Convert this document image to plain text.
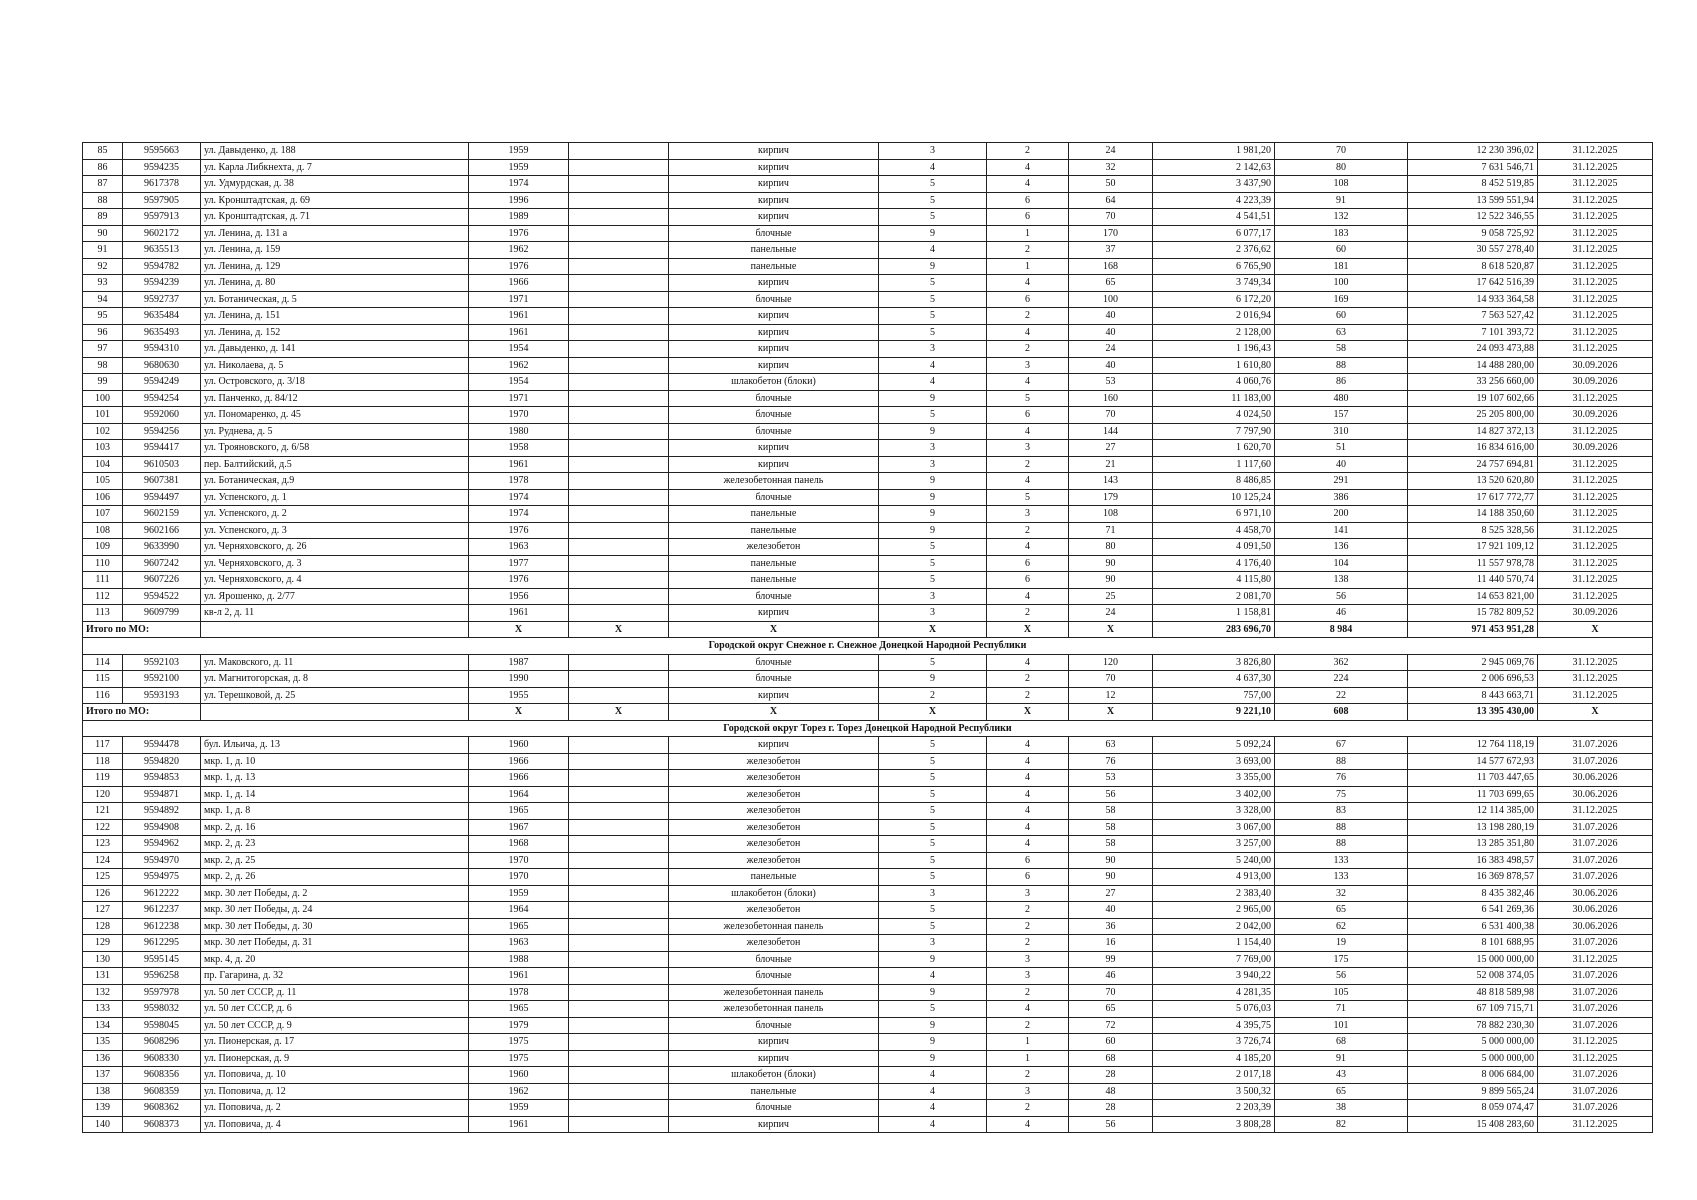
85	9595663	ул. Давыденко, д. 188	1959		кирпич	3	2	24	1 981,20	70	12 230 396,02	31.12.2025
86	9594235	ул. Карла Либкнехта, д. 7	1959		кирпич	4	4	32	2 142,63	80	7 631 546,71	31.12.2025
87	9617378	ул. Удмурдская, д. 38	1974		кирпич	5	4	50	3 437,90	108	8 452 519,85	31.12.2025
88	9597905	ул. Кронштадтская, д. 69	1996		кирпич	5	6	64	4 223,39	91	13 599 551,94	31.12.2025
89	9597913	ул. Кронштадтская, д. 71	1989		кирпич	5	6	70	4 541,51	132	12 522 346,55	31.12.2025
90	9602172	ул. Ленина, д. 131 а	1976		блочные	9	1	170	6 077,17	183	9 058 725,92	31.12.2025
91	9635513	ул. Ленина, д. 159	1962		панельные	4	2	37	2 376,62	60	30 557 278,40	31.12.2025
92	9594782	ул. Ленина, д. 129	1976		панельные	9	1	168	6 765,90	181	8 618 520,87	31.12.2025
93	9594239	ул. Ленина, д. 80	1966		кирпич	5	4	65	3 749,34	100	17 642 516,39	31.12.2025
94	9592737	ул. Ботаническая, д. 5	1971		блочные	5	6	100	6 172,20	169	14 933 364,58	31.12.2025
95	9635484	ул. Ленина, д. 151	1961		кирпич	5	2	40	2 016,94	60	7 563 527,42	31.12.2025
96	9635493	ул. Ленина, д. 152	1961		кирпич	5	4	40	2 128,00	63	7 101 393,72	31.12.2025
97	9594310	ул. Давыденко, д. 141	1954		кирпич	3	2	24	1 196,43	58	24 093 473,88	31.12.2025
98	9680630	ул. Николаева, д. 5	1962		кирпич	4	3	40	1 610,80	88	14 488 280,00	30.09.2026
99	9594249	ул. Островского, д. 3/18	1954		шлакобетон (блоки)	4	4	53	4 060,76	86	33 256 660,00	30.09.2026
100	9594254	ул. Панченко, д. 84/12	1971		блочные	9	5	160	11 183,00	480	19 107 602,66	31.12.2025
101	9592060	ул. Пономаренко, д. 45	1970		блочные	5	6	70	4 024,50	157	25 205 800,00	30.09.2026
102	9594256	ул. Руднева, д. 5	1980		блочные	9	4	144	7 797,90	310	14 827 372,13	31.12.2025
103	9594417	ул. Трояновского, д. 6/58	1958		кирпич	3	3	27	1 620,70	51	16 834 616,00	30.09.2026
104	9610503	пер. Балтийский, д.5	1961		кирпич	3	2	21	1 117,60	40	24 757 694,81	31.12.2025
105	9607381	ул. Ботаническая, д.9	1978		железобетонная панель	9	4	143	8 486,85	291	13 520 620,80	31.12.2025
106	9594497	ул. Успенского, д. 1	1974		блочные	9	5	179	10 125,24	386	17 617 772,77	31.12.2025
107	9602159	ул. Успенского, д. 2	1974		панельные	9	3	108	6 971,10	200	14 188 350,60	31.12.2025
108	9602166	ул. Успенского, д. 3	1976		панельные	9	2	71	4 458,70	141	8 525 328,56	31.12.2025
109	9633990	ул. Черняховского, д. 26	1963		железобетон	5	4	80	4 091,50	136	17 921 109,12	31.12.2025
110	9607242	ул. Черняховского, д. 3	1977		панельные	5	6	90	4 176,40	104	11 557 978,78	31.12.2025
111	9607226	ул. Черняховского, д. 4	1976		панельные	5	6	90	4 115,80	138	11 440 570,74	31.12.2025
112	9594522	ул. Ярошенко, д. 2/77	1956		блочные	3	4	25	2 081,70	56	14 653 821,00	31.12.2025
113	9609799	кв-л 2, д. 11	1961		кирпич	3	2	24	1 158,81	46	15 782 809,52	30.09.2026
Итого по МО:			X	X	X	X	X	X	283 696,70	8 984	971 453 951,28	X
Городской округ Снежное г. Снежное Донецкой Народной Республики												
114	9592103	ул. Маковского, д. 11	1987		блочные	5	4	120	3 826,80	362	2 945 069,76	31.12.2025
115	9592100	ул. Магнитогорская, д. 8	1990		блочные	9	2	70	4 637,30	224	2 006 696,53	31.12.2025
116	9593193	ул. Терешковой, д. 25	1955		кирпич	2	2	12	757,00	22	8 443 663,71	31.12.2025
Итого по МО:			X	X	X	X	X	X	9 221,10	608	13 395 430,00	X
Городской округ Торез г. Торез Донецкой Народной Республики												
117	9594478	бул. Ильича, д. 13	1960		кирпич	5	4	63	5 092,24	67	12 764 118,19	31.07.2026
118	9594820	мкр. 1, д. 10	1966		железобетон	5	4	76	3 693,00	88	14 577 672,93	31.07.2026
119	9594853	мкр. 1, д. 13	1966		железобетон	5	4	53	3 355,00	76	11 703 447,65	30.06.2026
120	9594871	мкр. 1, д. 14	1964		железобетон	5	4	56	3 402,00	75	11 703 699,65	30.06.2026
121	9594892	мкр. 1, д. 8	1965		железобетон	5	4	58	3 328,00	83	12 114 385,00	31.12.2025
122	9594908	мкр. 2, д. 16	1967		железобетон	5	4	58	3 067,00	88	13 198 280,19	31.07.2026
123	9594962	мкр. 2, д. 23	1968		железобетон	5	4	58	3 257,00	88	13 285 351,80	31.07.2026
124	9594970	мкр. 2, д. 25	1970		железобетон	5	6	90	5 240,00	133	16 383 498,57	31.07.2026
125	9594975	мкр. 2, д. 26	1970		панельные	5	6	90	4 913,00	133	16 369 878,57	31.07.2026
126	9612222	мкр. 30 лет Победы, д. 2	1959		шлакобетон (блоки)	3	3	27	2 383,40	32	8 435 382,46	30.06.2026
127	9612237	мкр. 30 лет Победы, д. 24	1964		железобетон	5	2	40	2 965,00	65	6 541 269,36	30.06.2026
128	9612238	мкр. 30 лет Победы, д. 30	1965		железобетонная панель	5	2	36	2 042,00	62	6 531 400,38	30.06.2026
129	9612295	мкр. 30 лет Победы, д. 31	1963		железобетон	3	2	16	1 154,40	19	8 101 688,95	31.07.2026
130	9595145	мкр. 4, д. 20	1988		блочные	9	3	99	7 769,00	175	15 000 000,00	31.12.2025
131	9596258	пр. Гагарина, д. 32	1961		блочные	4	3	46	3 940,22	56	52 008 374,05	31.07.2026
132	9597978	ул. 50 лет СССР, д. 11	1978		железобетонная панель	9	2	70	4 281,35	105	48 818 589,98	31.07.2026
133	9598032	ул. 50 лет СССР, д. 6	1965		железобетонная панель	5	4	65	5 076,03	71	67 109 715,71	31.07.2026
134	9598045	ул. 50 лет СССР, д. 9	1979		блочные	9	2	72	4 395,75	101	78 882 230,30	31.07.2026
135	9608296	ул. Пионерская, д. 17	1975		кирпич	9	1	60	3 726,74	68	5 000 000,00	31.12.2025
136	9608330	ул. Пионерская, д. 9	1975		кирпич	9	1	68	4 185,20	91	5 000 000,00	31.12.2025
137	9608356	ул. Поповича, д. 10	1960		шлакобетон (блоки)	4	2	28	2 017,18	43	8 006 684,00	31.07.2026
138	9608359	ул. Поповича, д. 12	1962		панельные	4	3	48	3 500,32	65	9 899 565,24	31.07.2026
139	9608362	ул. Поповича, д. 2	1959		блочные	4	2	28	2 203,39	38	8 059 074,47	31.07.2026
140	9608373	ул. Поповича, д. 4	1961		кирпич	4	4	56	3 808,28	82	15 408 283,60	31.12.2025
